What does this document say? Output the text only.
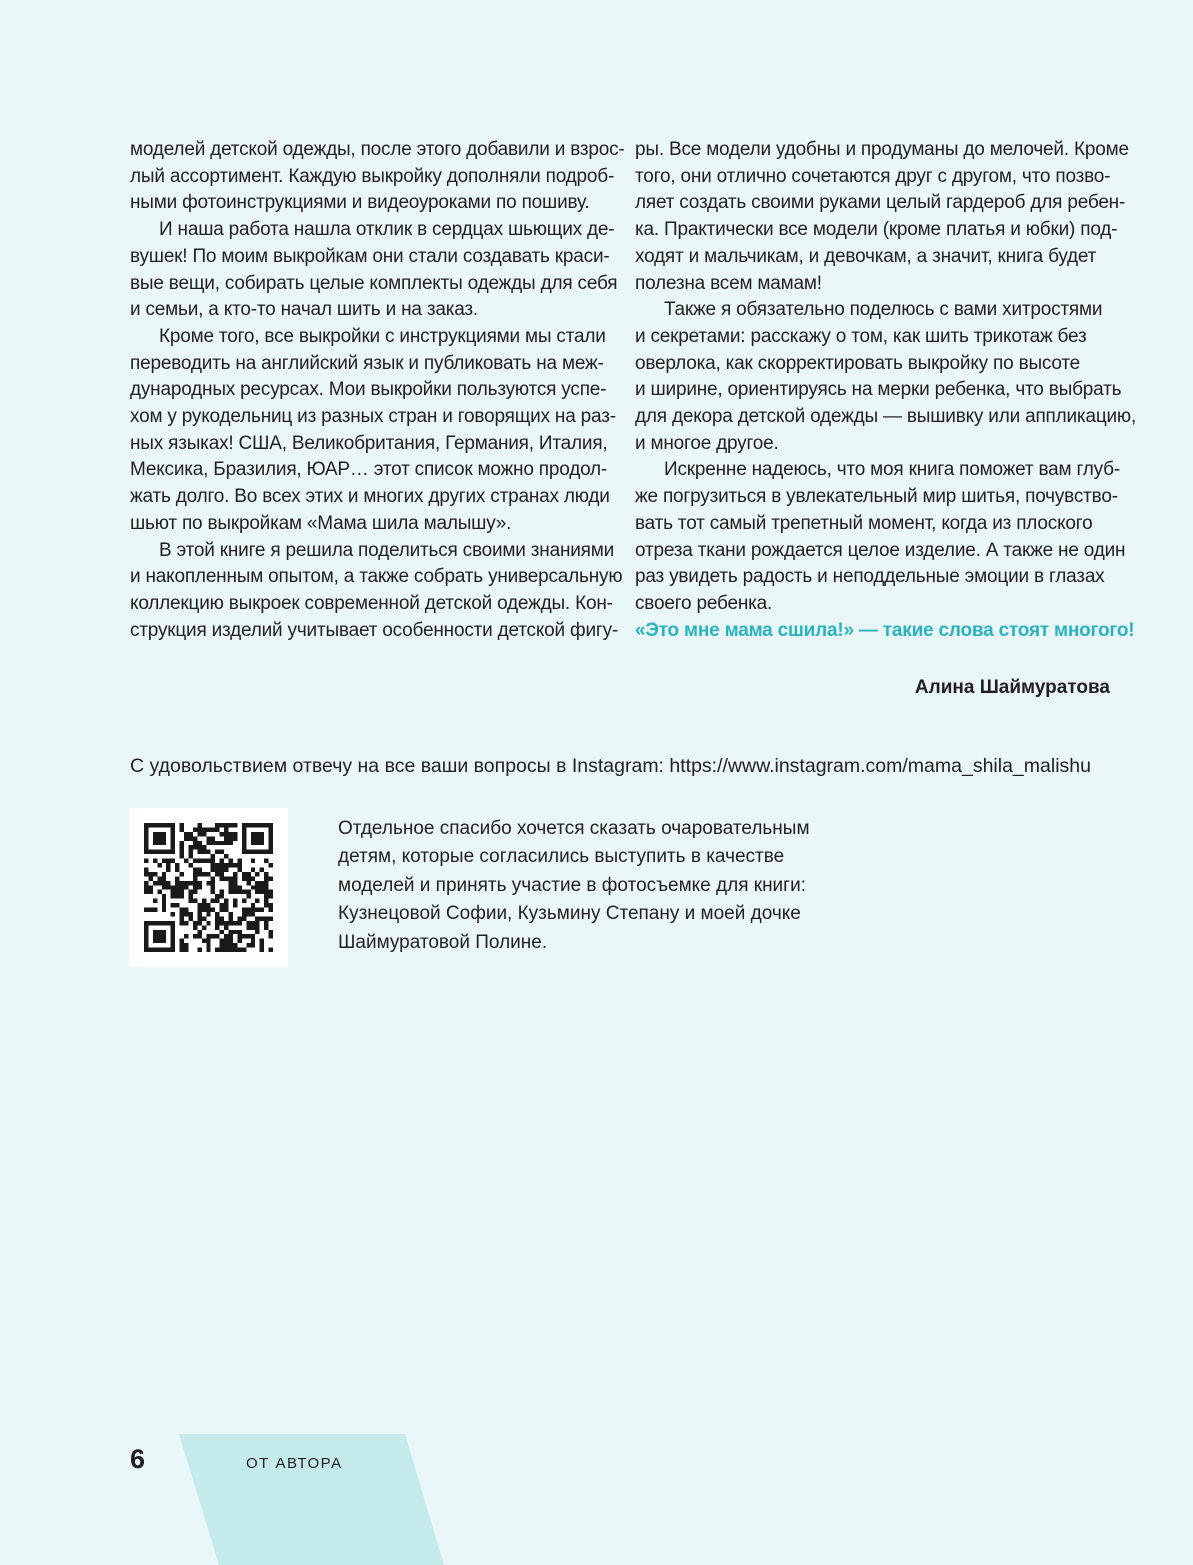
моделей детской одежды, после этого добавили и взрос-
лый ассортимент. Каждую выкройку дополняли подроб-
ными фотоинструкциями и видеоуроками по пошиву.
И наша работа нашла отклик в сердцах шьющих де-
вушек! По моим выкройкам они стали создавать краси-
вые вещи, собирать целые комплекты одежды для себя
и семьи, а кто-то начал шить и на заказ.
Кроме того, все выкройки с инструкциями мы стали
переводить на английский язык и публиковать на меж-
дународных ресурсах. Мои выкройки пользуются успе-
хом у рукодельниц из разных стран и говорящих на раз-
ных языках! США, Великобритания, Германия, Италия,
Мексика, Бразилия, ЮАР… этот список можно продол-
жать долго. Во всех этих и многих других странах люди
шьют по выкройкам «Мама шила малышу».
В этой книге я решила поделиться своими знаниями
и накопленным опытом, а также собрать универсальную
коллекцию выкроек современной детской одежды. Кон-
струкция изделий учитывает особенности детской фигу-
ры. Все модели удобны и продуманы до мелочей. Кроме
того, они отлично сочетаются друг с другом, что позво-
ляет создать своими руками целый гардероб для ребен-
ка. Практически все модели (кроме платья и юбки) под-
ходят и мальчикам, и девочкам, а значит, книга будет
полезна всем мамам!
Также я обязательно поделюсь с вами хитростями
и секретами: расскажу о том, как шить трикотаж без
оверлока, как скорректировать выкройку по высоте
и ширине, ориентируясь на мерки ребенка, что выбрать
для декора детской одежды — вышивку или аппликацию,
и многое другое.
Искренне надеюсь, что моя книга поможет вам глуб-
же погрузиться в увлекательный мир шитья, почувство-
вать тот самый трепетный момент, когда из плоского
отреза ткани рождается целое изделие. А также не один
раз увидеть радость и неподдельные эмоции в глазах
своего ребенка.
«Это мне мама сшила!» — такие слова стоят многого!
Алина Шаймуратова
С удовольствием отвечу на все ваши вопросы в Instagram: https://www.instagram.com/mama_shila_malishu
Отдельное спасибо хочется сказать очаровательным
детям, которые согласились выступить в качестве
моделей и принять участие в фотосъемке для книги:
Кузнецовой Софии, Кузьмину Степану и моей дочке
Шаймуратовой Полине.
6	ОТ АВТОРА
